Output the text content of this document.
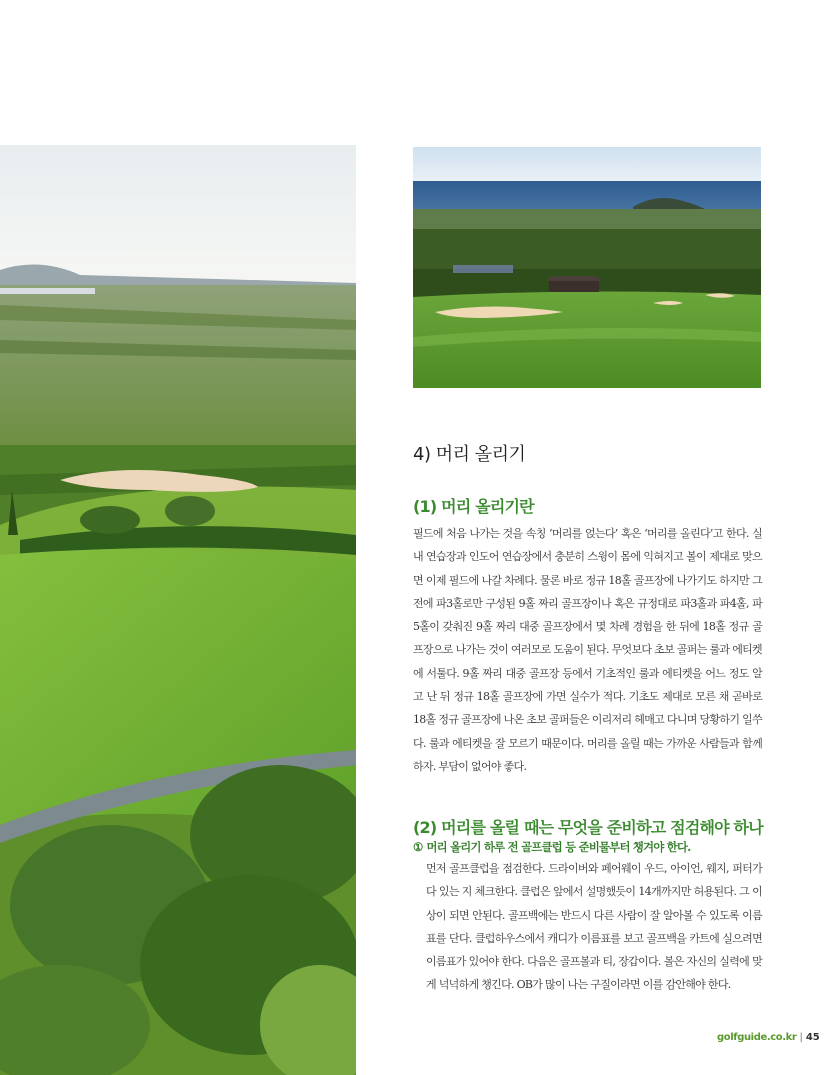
4) 머리 올리기
(1) 머리 올리기란

필드에 처음 나가는 것을 속칭 ‘머리를 얹는다’ 혹은 ‘머리를 올린다’고 한다. 실내 연습장과 인도어 연습장에서 충분히 스윙이 몸에 익혀지고 볼이 제대로 맞으면 이제 필드에 나갈 차례다. 물론 바로 정규 18홀 골프장에 나가기도 하지만 그 전에 파3홀로만 구성된 9홀 짜리 골프장이나 혹은 규정대로 파3홀과 파4홀, 파5홀이 갖춰진 9홀 짜리 대중 골프장에서 몇 차례 경험을 한 뒤에 18홀 정규 골프장으로 나가는 것이 여러모로 도움이 된다. 무엇보다 초보 골퍼는 룰과 에티켓에 서툴다. 9홀 짜리 대중 골프장 등에서 기초적인 룰과 에티켓을 어느 정도 알고 난 뒤 정규 18홀 골프장에 가면 실수가 적다. 기초도 제대로 모른 채 곧바로 18홀 정규 골프장에 나온 초보 골퍼들은 이리저리 헤매고 다니며 당황하기 일쑤다. 룰과 에티켓을 잘 모르기 때문이다. 머리를 올릴 때는 가까운 사람들과 함께 하자. 부담이 없어야 좋다.

(2) 머리를 올릴 때는 무엇을 준비하고 점검해야 하나

① 머리 올리기 하루 전 골프클럽 등 준비물부터 챙겨야 한다.

먼저 골프클럽을 점검한다. 드라이버와 페어웨이 우드, 아이언, 웨지, 퍼터가 다 있는 지 체크한다. 클럽은 앞에서 설명했듯이 14개까지만 허용된다. 그 이상이 되면 안된다. 골프백에는 반드시 다른 사람이 잘 알아볼 수 있도록 이름표를 단다. 클럽하우스에서 캐디가 이름표를 보고 골프백을 카트에 실으려면 이름표가 있어야 한다. 다음은 골프볼과 티, 장갑이다. 볼은 자신의 실력에 맞게 넉넉하게 챙긴다. OB가 많이 나는 구질이라면 이를 감안해야 한다.

golfguide.co.kr | 45
